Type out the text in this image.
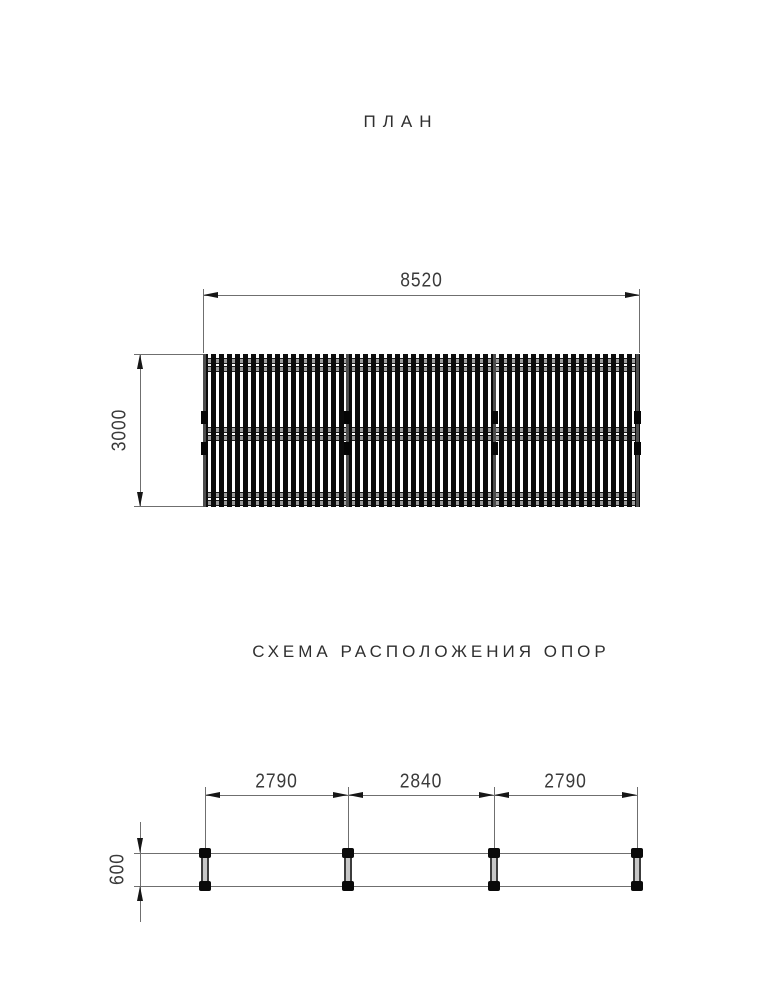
ПЛАН
8520
3000
СХЕМА РАСПОЛОЖЕНИЯ ОПОР
2790	2840	2790
600
